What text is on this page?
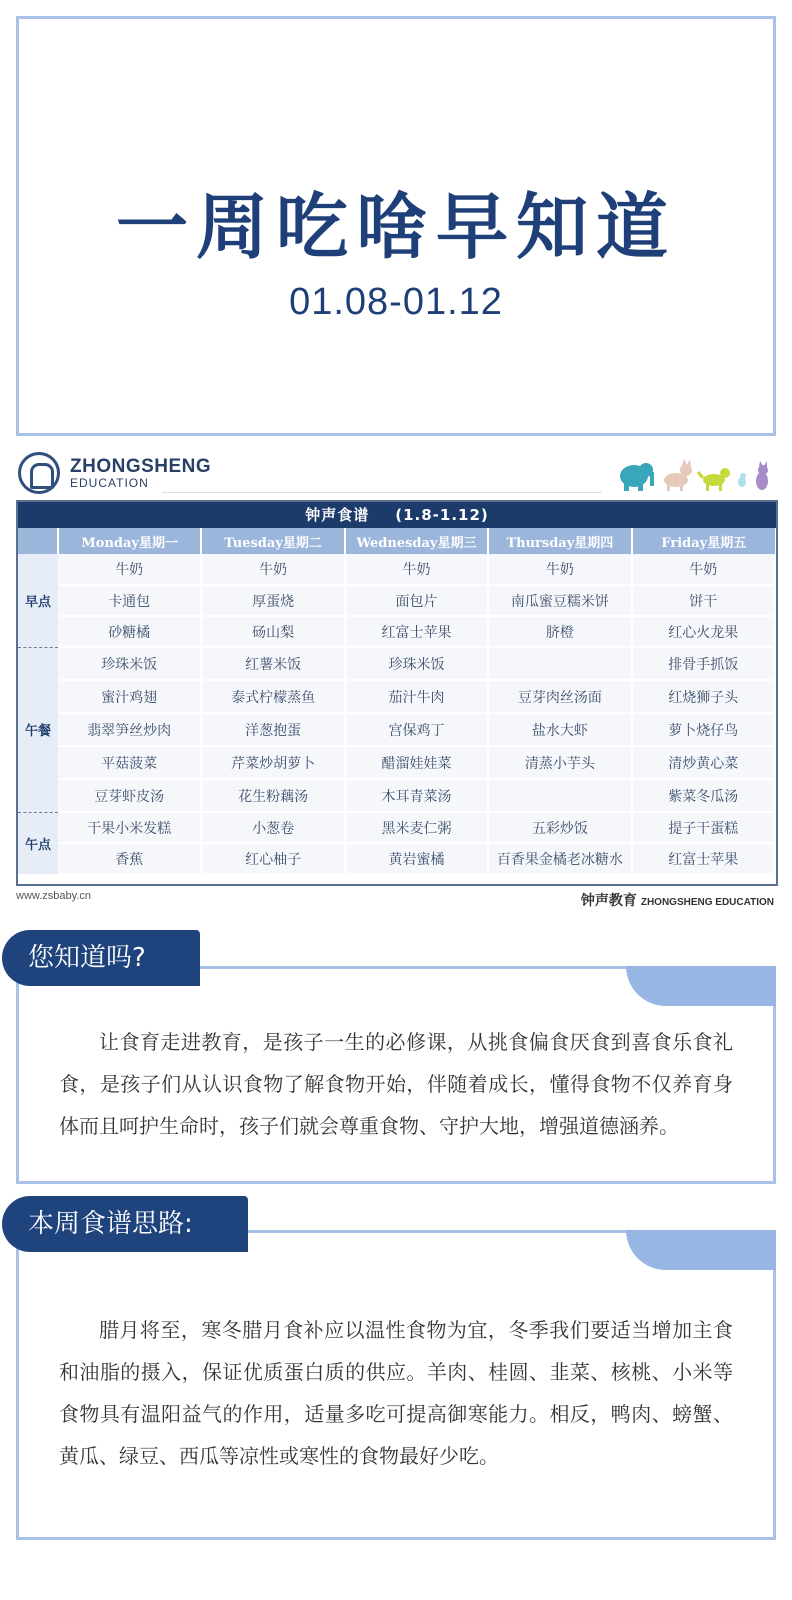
一周吃啥早知道
01.08-01.12
ZHONGSHENG
EDUCATION
钟声食谱 (1.8-1.12)
	Monday星期一	Tuesday星期二	Wednesday星期三	Thursday星期四	Friday星期五
早点	牛奶	牛奶	牛奶	牛奶	牛奶
	卡通包	厚蛋烧	面包片	南瓜蜜豆糯米饼	饼干
	砂糖橘	砀山梨	红富士苹果	脐橙	红心火龙果
午餐	珍珠米饭	红薯米饭	珍珠米饭		排骨手抓饭
	蜜汁鸡翅	泰式柠檬蒸鱼	茄汁牛肉	豆芽肉丝汤面	红烧狮子头
	翡翠笋丝炒肉	洋葱抱蛋	宫保鸡丁	盐水大虾	萝卜烧仔鸟
	平菇菠菜	芹菜炒胡萝卜	醋溜娃娃菜	清蒸小芋头	清炒黄心菜
	豆芽虾皮汤	花生粉藕汤	木耳青菜汤		紫菜冬瓜汤
午点	干果小米发糕	小葱卷	黑米麦仁粥	五彩炒饭	提子干蛋糕
	香蕉	红心柚子	黄岩蜜橘	百香果金橘老冰糖水	红富士苹果
www.zsbaby.cn	钟声教育 ZHONGSHENG EDUCATION
让食育走进教育，是孩子一生的必修课，从挑食偏食厌食到喜食乐食礼食，是孩子们从认识食物了解食物开始，伴随着成长，懂得食物不仅养育身体而且呵护生命时，孩子们就会尊重食物、守护大地，增强道德涵养。
您知道吗?
腊月将至，寒冬腊月食补应以温性食物为宜，冬季我们要适当增加主食和油脂的摄入，保证优质蛋白质的供应。羊肉、桂圆、韭菜、核桃、小米等食物具有温阳益气的作用，适量多吃可提高御寒能力。相反，鸭肉、螃蟹、黄瓜、绿豆、西瓜等凉性或寒性的食物最好少吃。
本周食谱思路:
